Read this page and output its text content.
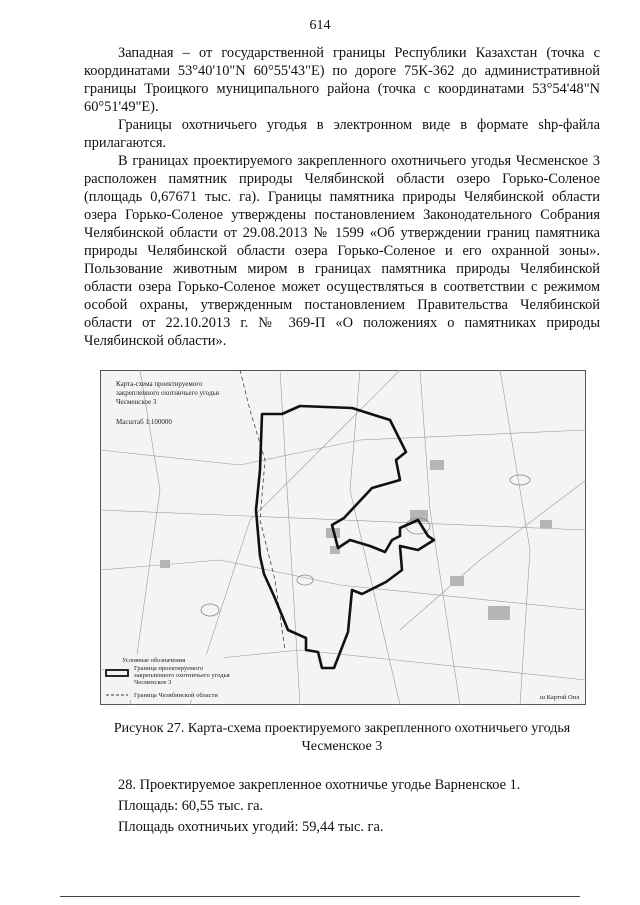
614

Западная – от государственной границы Республики Казахстан (точка с координатами 53°40'10"N 60°55'43"Е) по дороге 75К-362 до административной границы Троицкого муниципального района (точка с координатами 53°54'48"N 60°51'49"Е).

Границы охотничьего угодья в электронном виде в формате shp-файла прилагаются.

В границах проектируемого закрепленного охотничьего угодья Чесменское 3 расположен памятник природы Челябинской области озеро Горько-Соленое (площадь 0,67671 тыс. га). Границы памятника природы Челябинской области озера Горько-Соленое утверждены постановлением Законодательного Собрания Челябинской области от 29.08.2013 № 1599 «Об утверждении границ памятника природы Челябинской области озера Горько-Соленое и его охранной зоны». Пользование животным миром в границах памятника природы Челябинской области озера Горько-Соленое может осуществляться в соответствии с режимом особой охраны, утвержденным постановлением Правительства Челябинской области от 22.10.2013 г. № 369-П «О положениях о памятниках природы Челябинской области».

Карта-схема проектируемого
закрепленного охотничьего угодья
Чесменское 3
Масштаб 1:100000
Условные обозначения
Граница проектируемого
закрепленного охотничьего угодья
Чесменское 3
Граница Челябинской области	ш Картой Онл
Рисунок 27. Карта-схема проектируемого закрепленного охотничьего угодья Чесменское 3
28. Проектируемое закрепленное охотничье угодье Варненское 1.
Площадь: 60,55 тыс. га.
Площадь охотничьих угодий: 59,44 тыс. га.
